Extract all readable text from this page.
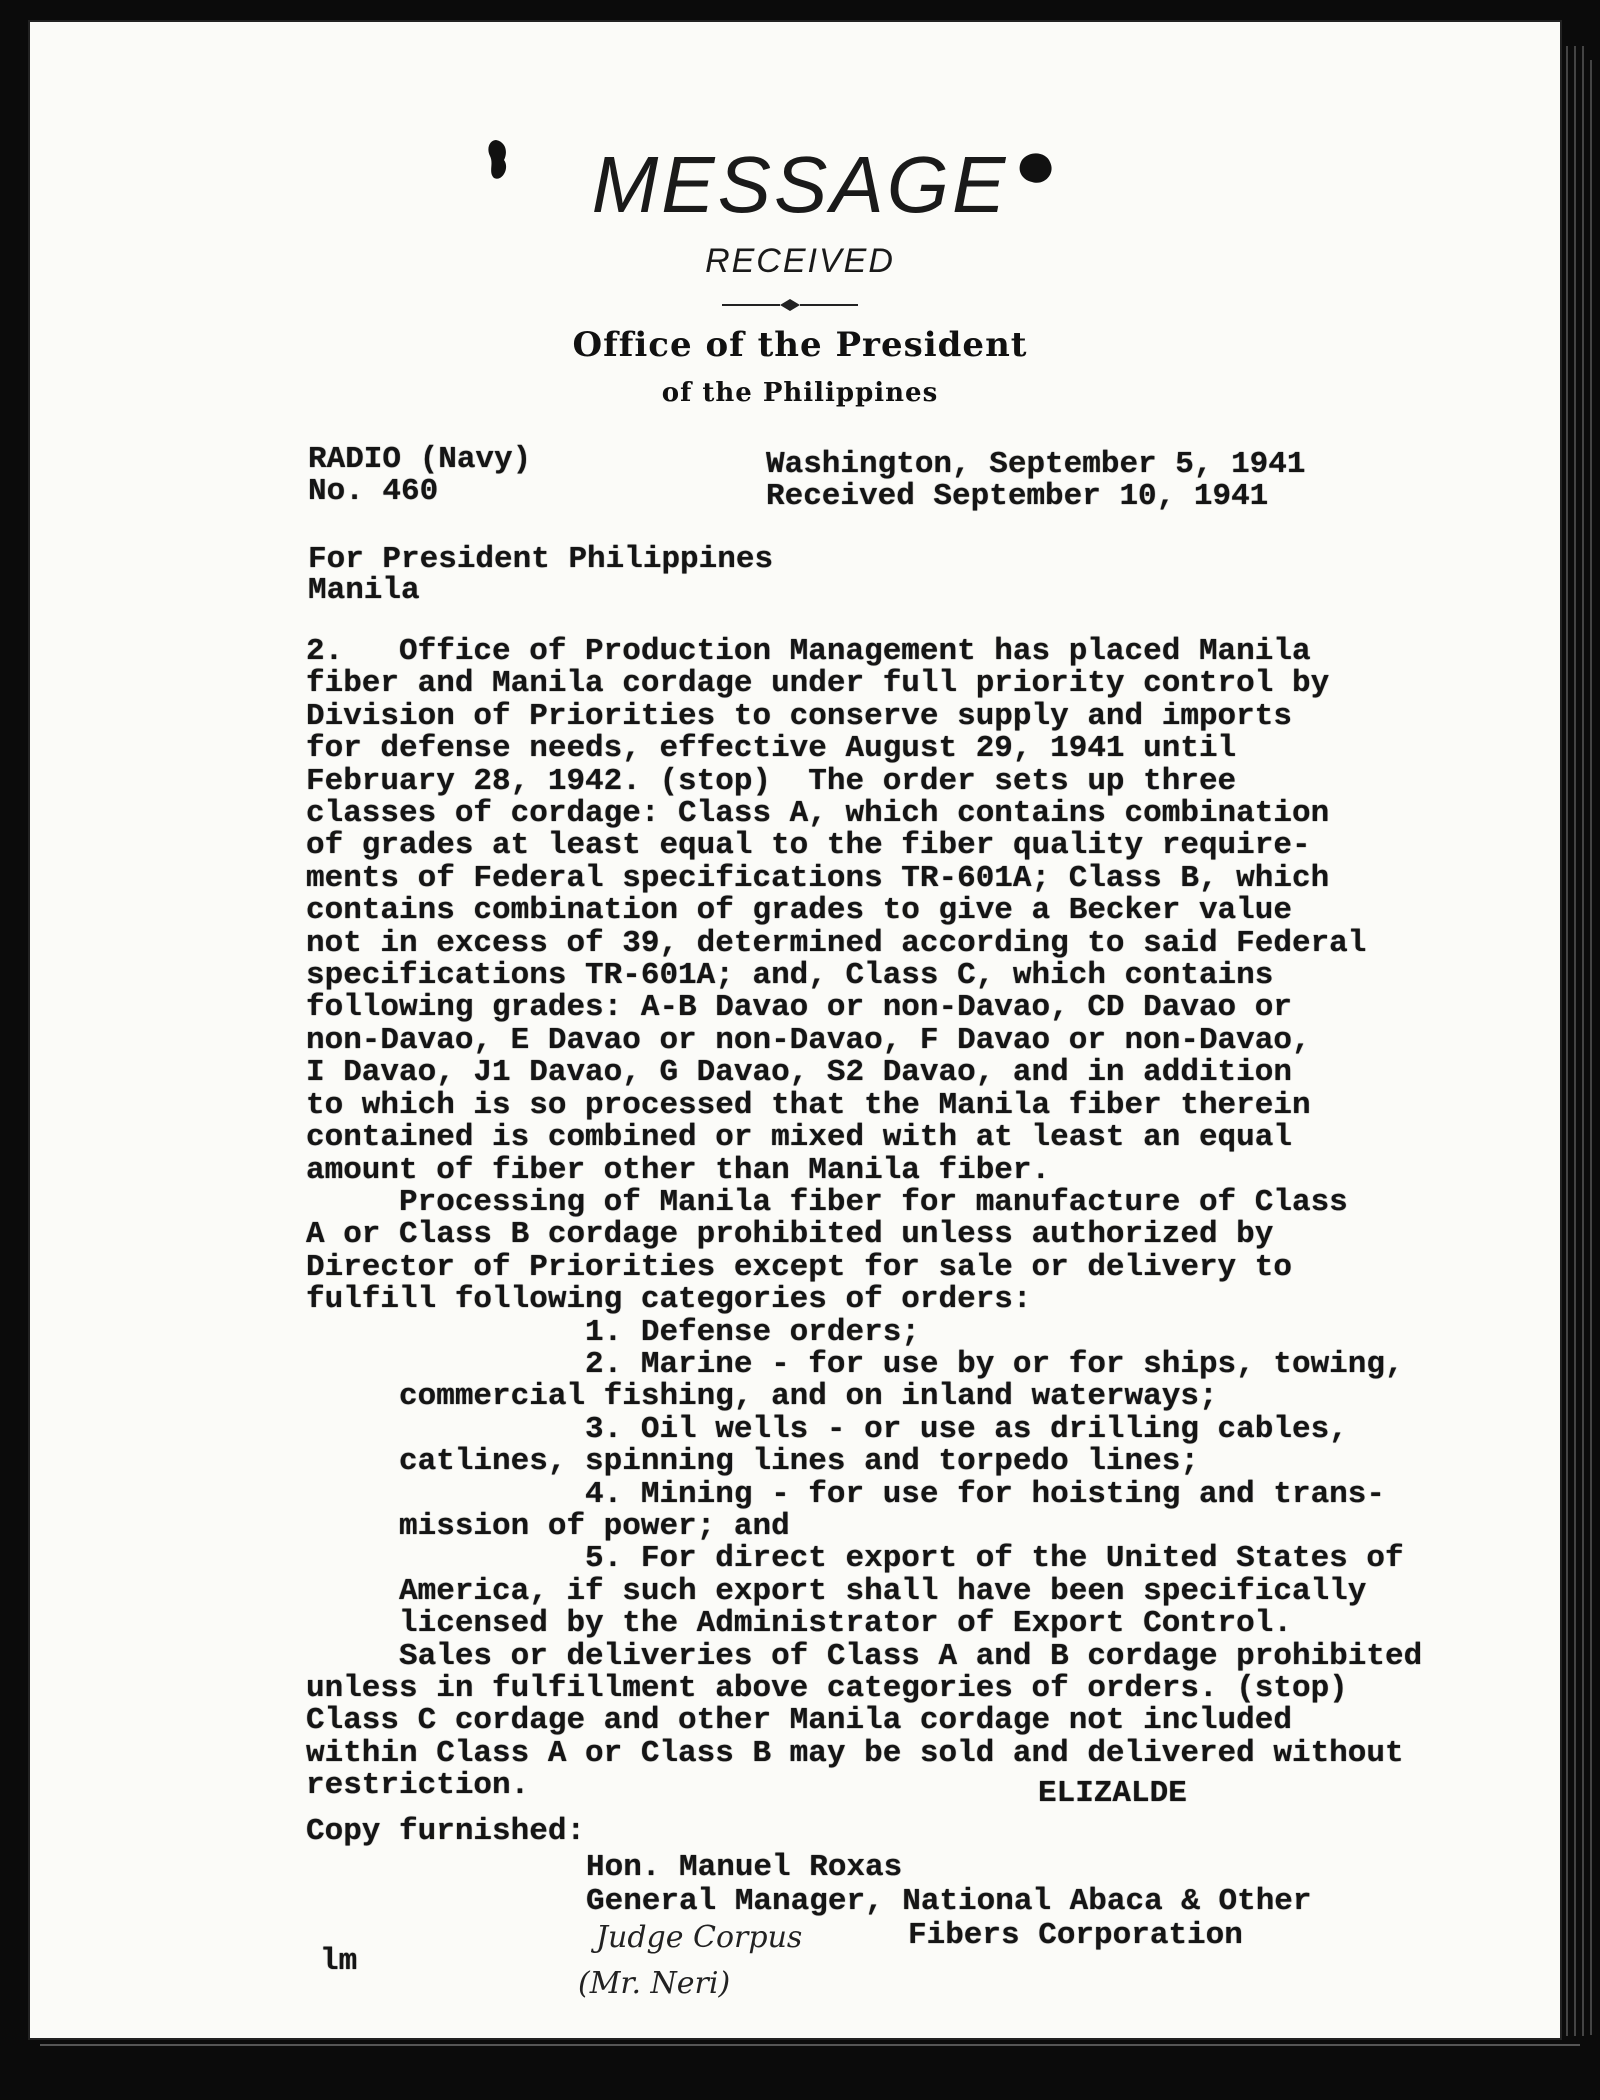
MESSAGE
RECEIVED
Office of the President
of the Philippines
RADIO (Navy)
No. 460
Washington, September 5, 1941
Received September 10, 1941
For President Philippines
Manila
2.   Office of Production Management has placed Manila
fiber and Manila cordage under full priority control by
Division of Priorities to conserve supply and imports
for defense needs, effective August 29, 1941 until
February 28, 1942. (stop)  The order sets up three
classes of cordage: Class A, which contains combination
of grades at least equal to the fiber quality require-
ments of Federal specifications TR-601A; Class B, which
contains combination of grades to give a Becker value
not in excess of 39, determined according to said Federal
specifications TR-601A; and, Class C, which contains
following grades: A-B Davao or non-Davao, CD Davao or
non-Davao, E Davao or non-Davao, F Davao or non-Davao,
I Davao, J1 Davao, G Davao, S2 Davao, and in addition
to which is so processed that the Manila fiber therein
contained is combined or mixed with at least an equal
amount of fiber other than Manila fiber.
Processing of Manila fiber for manufacture of Class
A or Class B cordage prohibited unless authorized by
Director of Priorities except for sale or delivery to
fulfill following categories of orders:
1. Defense orders;
2. Marine - for use by or for ships, towing,
commercial fishing, and on inland waterways;
3. Oil wells - or use as drilling cables,
catlines, spinning lines and torpedo lines;
4. Mining - for use for hoisting and trans-
mission of power; and
5. For direct export of the United States of
America, if such export shall have been specifically
licensed by the Administrator of Export Control.
Sales or deliveries of Class A and B cordage prohibited
unless in fulfillment above categories of orders. (stop)
Class C cordage and other Manila cordage not included
within Class A or Class B may be sold and delivered without
restriction.	ELIZALDE
Copy furnished:
Hon. Manuel Roxas
General Manager, National Abaca & Other
Fibers Corporation
lm
Judge Corpus
(Mr. Neri)
